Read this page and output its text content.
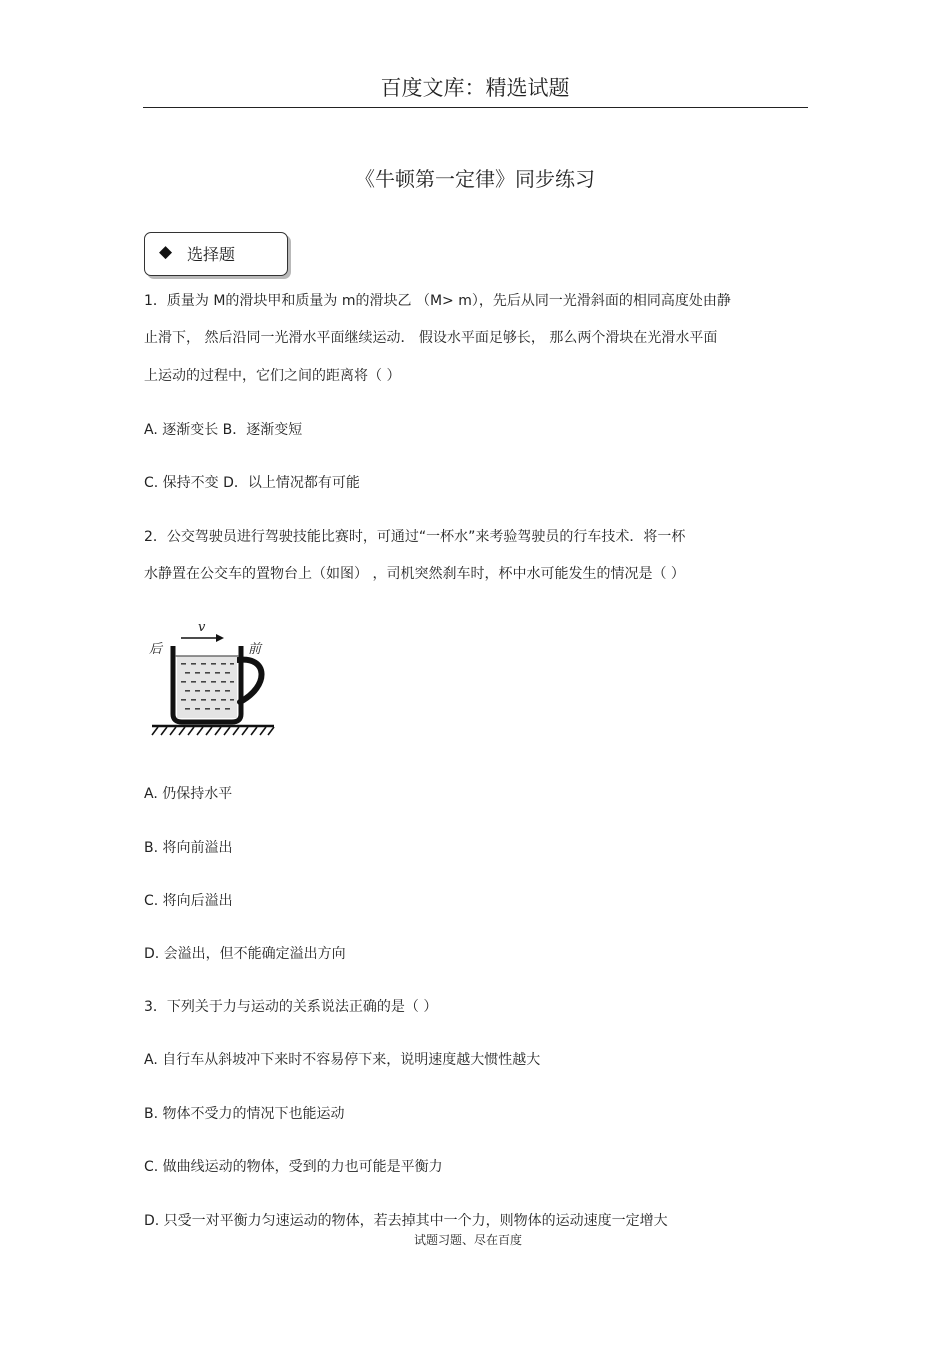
百度文库：精选试题
《牛顿第一定律》同步练习
◆ 选择题
1．质量为 M的滑块甲和质量为 m的滑块乙 （M> m），先后从同一光滑斜面的相同高度处由静
止滑下， 然后沿同一光滑水平面继续运动． 假设水平面足够长， 那么两个滑块在光滑水平面
上运动的过程中，它们之间的距离将（ ）
A. 逐渐变长 B．逐渐变短
C. 保持不变 D．以上情况都有可能
2．公交驾驶员进行驾驶技能比赛时，可通过“一杯水”来考验驾驶员的行车技术．将一杯
水静置在公交车的置物台上（如图） ，司机突然刹车时，杯中水可能发生的情况是（ ）
后	前
v
A. 仍保持水平
B. 将向前溢出
C. 将向后溢出
D. 会溢出，但不能确定溢出方向
3．下列关于力与运动的关系说法正确的是（ ）
A. 自行车从斜坡冲下来时不容易停下来，说明速度越大惯性越大
B. 物体不受力的情况下也能运动
C. 做曲线运动的物体，受到的力也可能是平衡力
D. 只受一对平衡力匀速运动的物体，若去掉其中一个力，则物体的运动速度一定增大
试题习题、尽在百度
